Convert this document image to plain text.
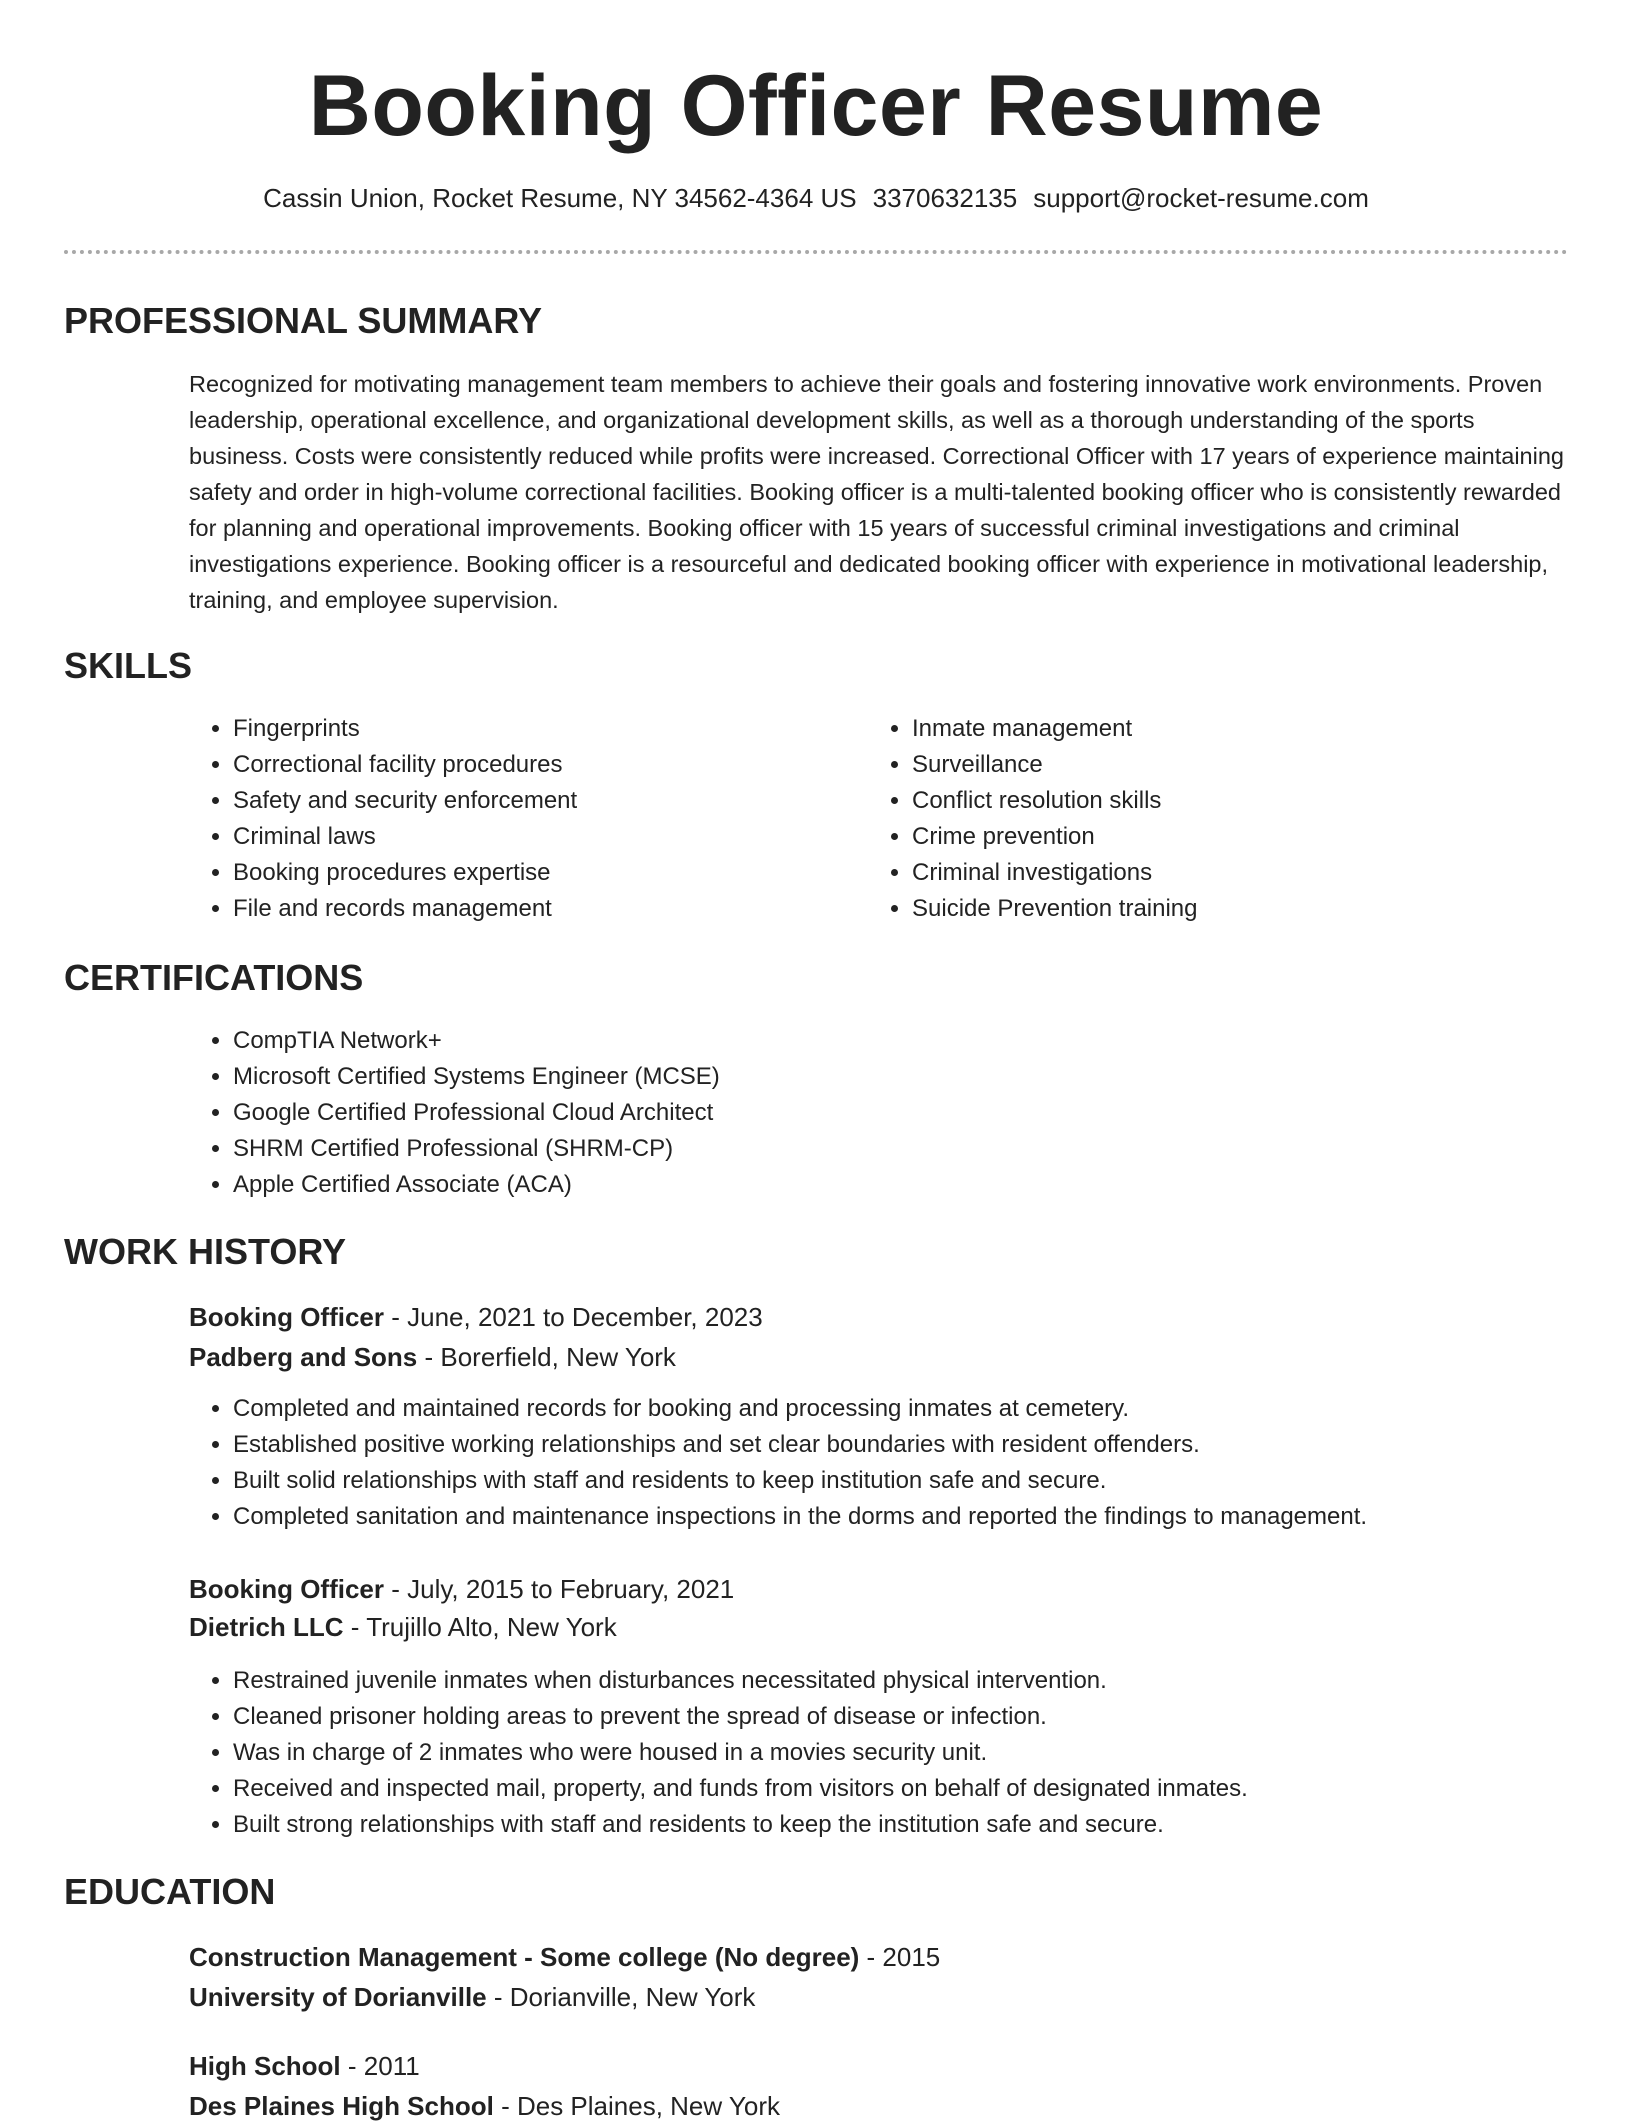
Booking Officer Resume
Cassin Union, Rocket Resume, NY 34562-4364 US 3370632135 support@rocket-resume.com
PROFESSIONAL SUMMARY

Recognized for motivating management team members to achieve their goals and fostering innovative work environments. Proven leadership, operational excellence, and organizational development skills, as well as a thorough understanding of the sports business. Costs were consistently reduced while profits were increased. Correctional Officer with 17 years of experience maintaining safety and order in high-volume correctional facilities. Booking officer is a multi-talented booking officer who is consistently rewarded for planning and operational improvements. Booking officer with 15 years of successful criminal investigations and criminal investigations experience. Booking officer is a resourceful and dedicated booking officer with experience in motivational leadership, training, and employee supervision.

SKILLS
• Fingerprints
• Correctional facility procedures
• Safety and security enforcement
• Criminal laws
• Booking procedures expertise
• File and records management
• Inmate management
• Surveillance
• Conflict resolution skills
• Crime prevention
• Criminal investigations
• Suicide Prevention training
CERTIFICATIONS
• CompTIA Network+
• Microsoft Certified Systems Engineer (MCSE)
• Google Certified Professional Cloud Architect
• SHRM Certified Professional (SHRM-CP)
• Apple Certified Associate (ACA)
WORK HISTORY
Booking Officer - June, 2021 to December, 2023
Padberg and Sons - Borerfield, New York
• Completed and maintained records for booking and processing inmates at cemetery.
• Established positive working relationships and set clear boundaries with resident offenders.
• Built solid relationships with staff and residents to keep institution safe and secure.
• Completed sanitation and maintenance inspections in the dorms and reported the findings to management.
Booking Officer - July, 2015 to February, 2021
Dietrich LLC - Trujillo Alto, New York
• Restrained juvenile inmates when disturbances necessitated physical intervention.
• Cleaned prisoner holding areas to prevent the spread of disease or infection.
• Was in charge of 2 inmates who were housed in a movies security unit.
• Received and inspected mail, property, and funds from visitors on behalf of designated inmates.
• Built strong relationships with staff and residents to keep the institution safe and secure.
EDUCATION
Construction Management - Some college (No degree) - 2015
University of Dorianville - Dorianville, New York
High School - 2011
Des Plaines High School - Des Plaines, New York
